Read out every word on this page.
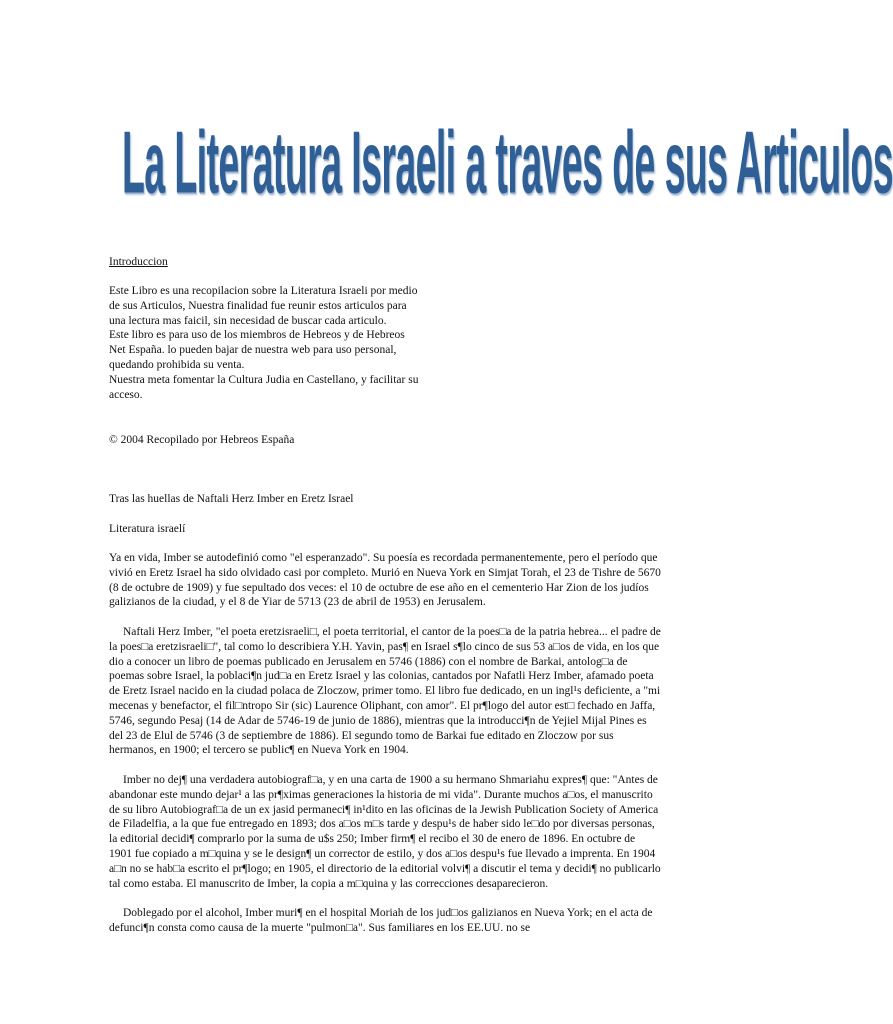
La Literatura Israeli a traves de sus Articulos
Introduccion

Este Libro es una recopilacion sobre la Literatura Israeli por medio de sus Articulos, Nuestra finalidad fue reunir estos articulos para una lectura mas faicil, sin necesidad de buscar cada articulo.

Este libro es para uso de los miembros de Hebreos y de Hebreos Net España. lo pueden bajar de nuestra web para uso personal, quedando prohibida su venta.

Nuestra meta fomentar la Cultura Judia en Castellano, y facilitar su acceso.

© 2004 Recopilado por Hebreos España
Tras las huellas de Naftali Herz Imber en Eretz Israel
Literatura israelí

Ya en vida, Imber se autodefinió como "el esperanzado". Su poesía es recordada permanentemente, pero el período que vivió en Eretz Israel ha sido olvidado casi por completo. Murió en Nueva York en Simjat Torah, el 23 de Tishre de 5670 (8 de octubre de 1909) y fue sepultado dos veces: el 10 de octubre de ese año en el cementerio Har Zion de los judíos galizianos de la ciudad, y el 8 de Yiar de 5713 (23 de abril de 1953) en Jerusalem.

Naftali Herz Imber, "el poeta eretzisraeli□, el poeta territorial, el cantor de la poes□a de la patria hebrea... el padre de la poes□a eretzisraeli□", tal como lo describiera Y.H. Yavin, pas¶ en Israel s¶lo cinco de sus 53 a□os de vida, en los que dio a conocer un libro de poemas publicado en Jerusalem en 5746 (1886) con el nombre de Barkai, antolog□a de poemas sobre Israel, la poblaci¶n jud□a en Eretz Israel y las colonias, cantados por Nafatli Herz Imber, afamado poeta de Eretz Israel nacido en la ciudad polaca de Zloczow, primer tomo. El libro fue dedicado, en un ingl¹s deficiente, a "mi mecenas y benefactor, el fil□ntropo Sir (sic) Laurence Oliphant, con amor". El pr¶logo del autor est□ fechado en Jaffa, 5746, segundo Pesaj (14 de Adar de 5746-19 de junio de 1886), mientras que la introducci¶n de Yejiel Mijal Pines es del 23 de Elul de 5746 (3 de septiembre de 1886). El segundo tomo de Barkai fue editado en Zloczow por sus hermanos, en 1900; el tercero se public¶ en Nueva York en 1904.

Imber no dej¶ una verdadera autobiograf□a, y en una carta de 1900 a su hermano Shmariahu expres¶ que: "Antes de abandonar este mundo dejar¹ a las pr¶ximas generaciones la historia de mi vida". Durante muchos a□os, el manuscrito de su libro Autobiograf□a de un ex jasid permaneci¶ in¹dito en las oficinas de la Jewish Publication Society of America de Filadelfia, a la que fue entregado en 1893; dos a□os m□s tarde y despu¹s de haber sido le□do por diversas personas, la editorial decidi¶ comprarlo por la suma de u$s 250; Imber firm¶ el recibo el 30 de enero de 1896. En octubre de 1901 fue copiado a m□quina y se le design¶ un corrector de estilo, y dos a□os despu¹s fue llevado a imprenta. En 1904 a□n no se hab□a escrito el pr¶logo; en 1905, el directorio de la editorial volvi¶ a discutir el tema y decidi¶ no publicarlo tal como estaba. El manuscrito de Imber, la copia a m□quina y las correcciones desaparecieron.

Doblegado por el alcohol, Imber muri¶ en el hospital Moriah de los jud□os galizianos en Nueva York; en el acta de defunci¶n consta como causa de la muerte "pulmon□a". Sus familiares en los EE.UU. no se
